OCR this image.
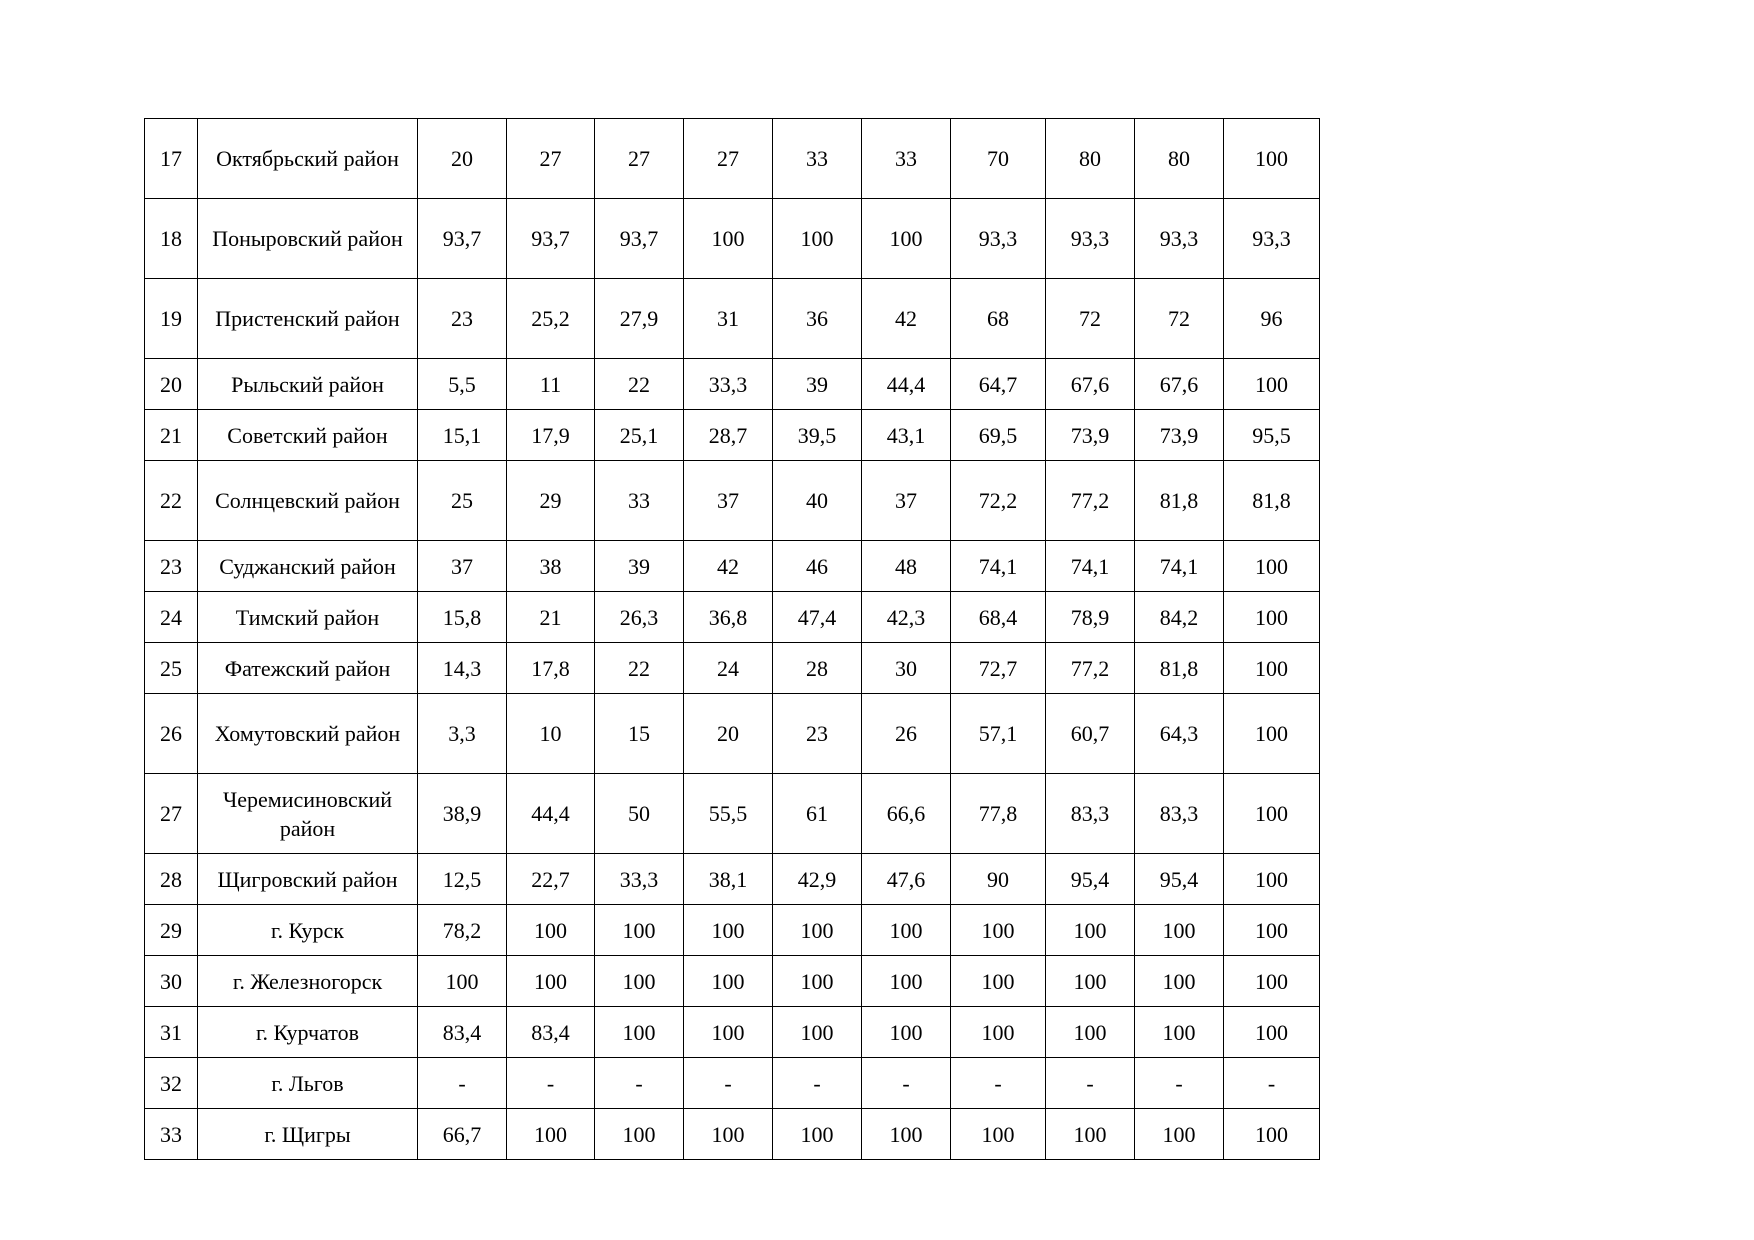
17	Октябрьский район	20	27	27	27	33	33	70	80	80	100
18	Поныровский район	93,7	93,7	93,7	100	100	100	93,3	93,3	93,3	93,3
19	Пристенский район	23	25,2	27,9	31	36	42	68	72	72	96
20	Рыльский район	5,5	11	22	33,3	39	44,4	64,7	67,6	67,6	100
21	Советский район	15,1	17,9	25,1	28,7	39,5	43,1	69,5	73,9	73,9	95,5
22	Солнцевский район	25	29	33	37	40	37	72,2	77,2	81,8	81,8
23	Суджанский район	37	38	39	42	46	48	74,1	74,1	74,1	100
24	Тимский район	15,8	21	26,3	36,8	47,4	42,3	68,4	78,9	84,2	100
25	Фатежский район	14,3	17,8	22	24	28	30	72,7	77,2	81,8	100
26	Хомутовский район	3,3	10	15	20	23	26	57,1	60,7	64,3	100
27	Черемисиновский район	38,9	44,4	50	55,5	61	66,6	77,8	83,3	83,3	100
28	Щигровский район	12,5	22,7	33,3	38,1	42,9	47,6	90	95,4	95,4	100
29	г. Курск	78,2	100	100	100	100	100	100	100	100	100
30	г. Железногорск	100	100	100	100	100	100	100	100	100	100
31	г. Курчатов	83,4	83,4	100	100	100	100	100	100	100	100
32	г. Льгов	-	-	-	-	-	-	-	-	-	-
33	г. Щигры	66,7	100	100	100	100	100	100	100	100	100
